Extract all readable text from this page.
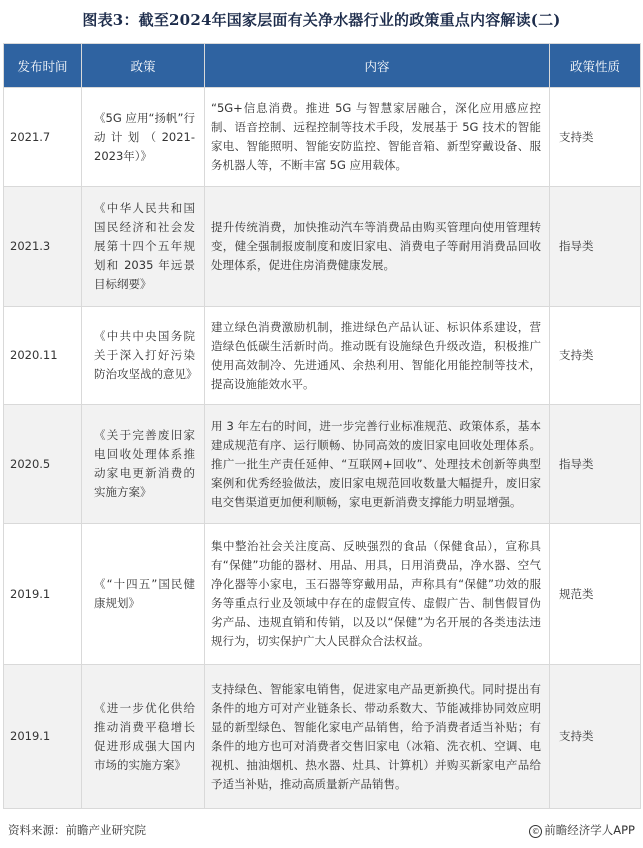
图表3：截至2024年国家层面有关净水器行业的政策重点内容解读(二)
发布时间	政策	内容	政策性质
2021.7	《5G 应用“扬帆”行动计划（2021-2023年）》	“5G+信息消费。推进 5G 与智慧家居融合，深化应用感应控制、语音控制、远程控制等技术手段，发展基于 5G 技术的智能家电、智能照明、智能安防监控、智能音箱、新型穿戴设备、服务机器人等，不断丰富 5G 应用载体。	支持类
2021.3	《中华人民共和国国民经济和社会发展第十四个五年规划和 2035 年远景目标纲要》	提升传统消费，加快推动汽车等消费品由购买管理向使用管理转变，健全强制报废制度和废旧家电、消费电子等耐用消费品回收处理体系，促进住房消费健康发展。	指导类
2020.11	《中共中央国务院关于深入打好污染防治攻坚战的意见》	建立绿色消费激励机制，推进绿色产品认证、标识体系建设，营造绿色低碳生活新时尚。推动既有设施绿色升级改造，积极推广使用高效制冷、先进通风、余热利用、智能化用能控制等技术，提高设施能效水平。	支持类
2020.5	《关于完善废旧家电回收处理体系推动家电更新消费的实施方案》	用 3 年左右的时间，进一步完善行业标准规范、政策体系，基本建成规范有序、运行顺畅、协同高效的废旧家电回收处理体系。推广一批生产责任延伸、“互联网+回收”、处理技术创新等典型案例和优秀经验做法，废旧家电规范回收数量大幅提升，废旧家电交售渠道更加便利顺畅，家电更新消费支撑能力明显增强。	指导类
2019.1	《“十四五”国民健康规划》	集中整治社会关注度高、反映强烈的食品（保健食品），宣称具有“保健”功能的器材、用品、用具，日用消费品，净水器、空气净化器等小家电，玉石器等穿戴用品，声称具有“保健”功效的服务等重点行业及领域中存在的虚假宣传、虚假广告、制售假冒伪劣产品、违规直销和传销，以及以“保健”为名开展的各类违法违规行为，切实保护广大人民群众合法权益。	规范类
2019.1	《进一步优化供给推动消费平稳增长促进形成强大国内市场的实施方案》	支持绿色、智能家电销售，促进家电产品更新换代。同时提出有条件的地方可对产业链条长、带动系数大、节能减排协同效应明显的新型绿色、智能化家电产品销售，给予消费者适当补贴；有条件的地方也可对消费者交售旧家电（冰箱、洗衣机、空调、电视机、抽油烟机、热水器、灶具、计算机）并购买新家电产品给予适当补贴，推动高质量新产品销售。	支持类
资料来源：前瞻产业研究院	© 前瞻经济学人APP
